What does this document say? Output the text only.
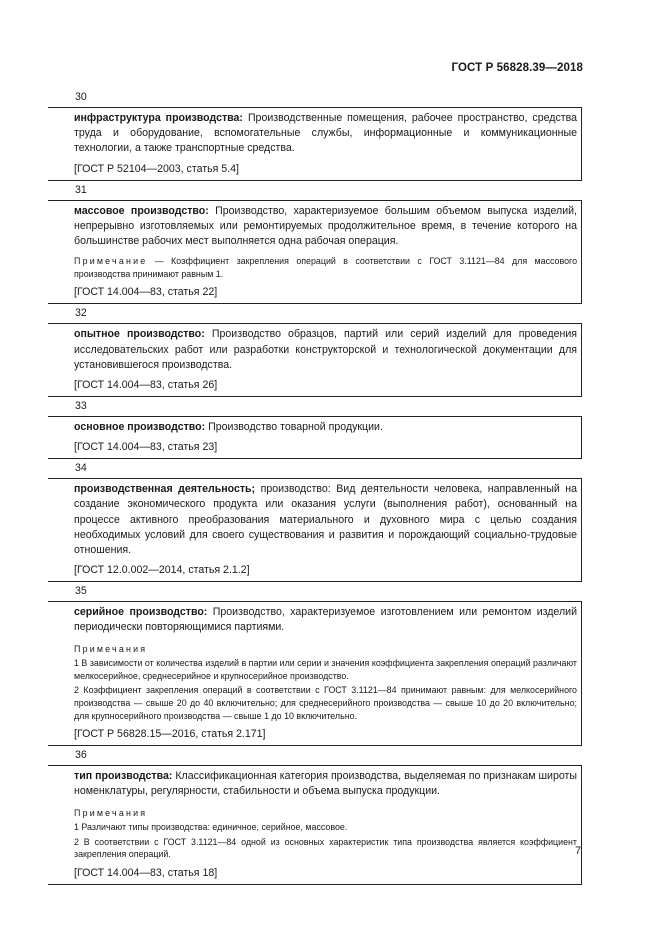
ГОСТ Р 56828.39—2018
30

инфраструктура производства: Производственные помещения, рабочее пространство, средства труда и оборудование, вспомогательные службы, информационные и коммуникационные технологии, а также транспортные средства.

[ГОСТ Р 52104—2003, статья 5.4]

31

массовое производство: Производство, характеризуемое большим объемом выпуска изделий, непрерывно изготовляемых или ремонтируемых продолжительное время, в течение которого на большинстве рабочих мест выполняется одна рабочая операция.

Примечание — Коэффициент закрепления операций в соответствии с ГОСТ 3.1121—84 для массового производства принимают равным 1.

[ГОСТ 14.004—83, статья 22]

32

опытное производство: Производство образцов, партий или серий изделий для проведения исследовательских работ или разработки конструкторской и технологической документации для установившегося производства.

[ГОСТ 14.004—83, статья 26]

33

основное производство: Производство товарной продукции.

[ГОСТ 14.004—83, статья 23]

34

производственная деятельность; производство: Вид деятельности человека, направленный на создание экономического продукта или оказания услуги (выполнения работ), основанный на процессе активного преобразования материального и духовного мира с целью создания необходимых условий для своего существования и развития и порождающий социально-трудовые отношения.

[ГОСТ 12.0.002—2014, статья 2.1.2]

35

серийное производство: Производство, характеризуемое изготовлением или ремонтом изделий периодически повторяющимися партиями.

Примечания

1 В зависимости от количества изделий в партии или серии и значения коэффициента закрепления операций различают мелкосерийное, среднесерийное и крупносерийное производство.

2 Коэффициент закрепления операций в соответствии с ГОСТ 3.1121—84 принимают равным: для мелкосерийного производства — свыше 20 до 40 включительно; для среднесерийного производства — свыше 10 до 20 включительно; для крупносерийного производства — свыше 1 до 10 включительно.

[ГОСТ Р 56828.15—2016, статья 2.171]

36

тип производства: Классификационная категория производства, выделяемая по признакам широты номенклатуры, регулярности, стабильности и объема выпуска продукции.

Примечания

1 Различают типы производства: единичное, серийное, массовое.

2 В соответствии с ГОСТ 3.1121—84 одной из основных характеристик типа производства является коэффициент закрепления операций.

[ГОСТ 14.004—83, статья 18]

7
